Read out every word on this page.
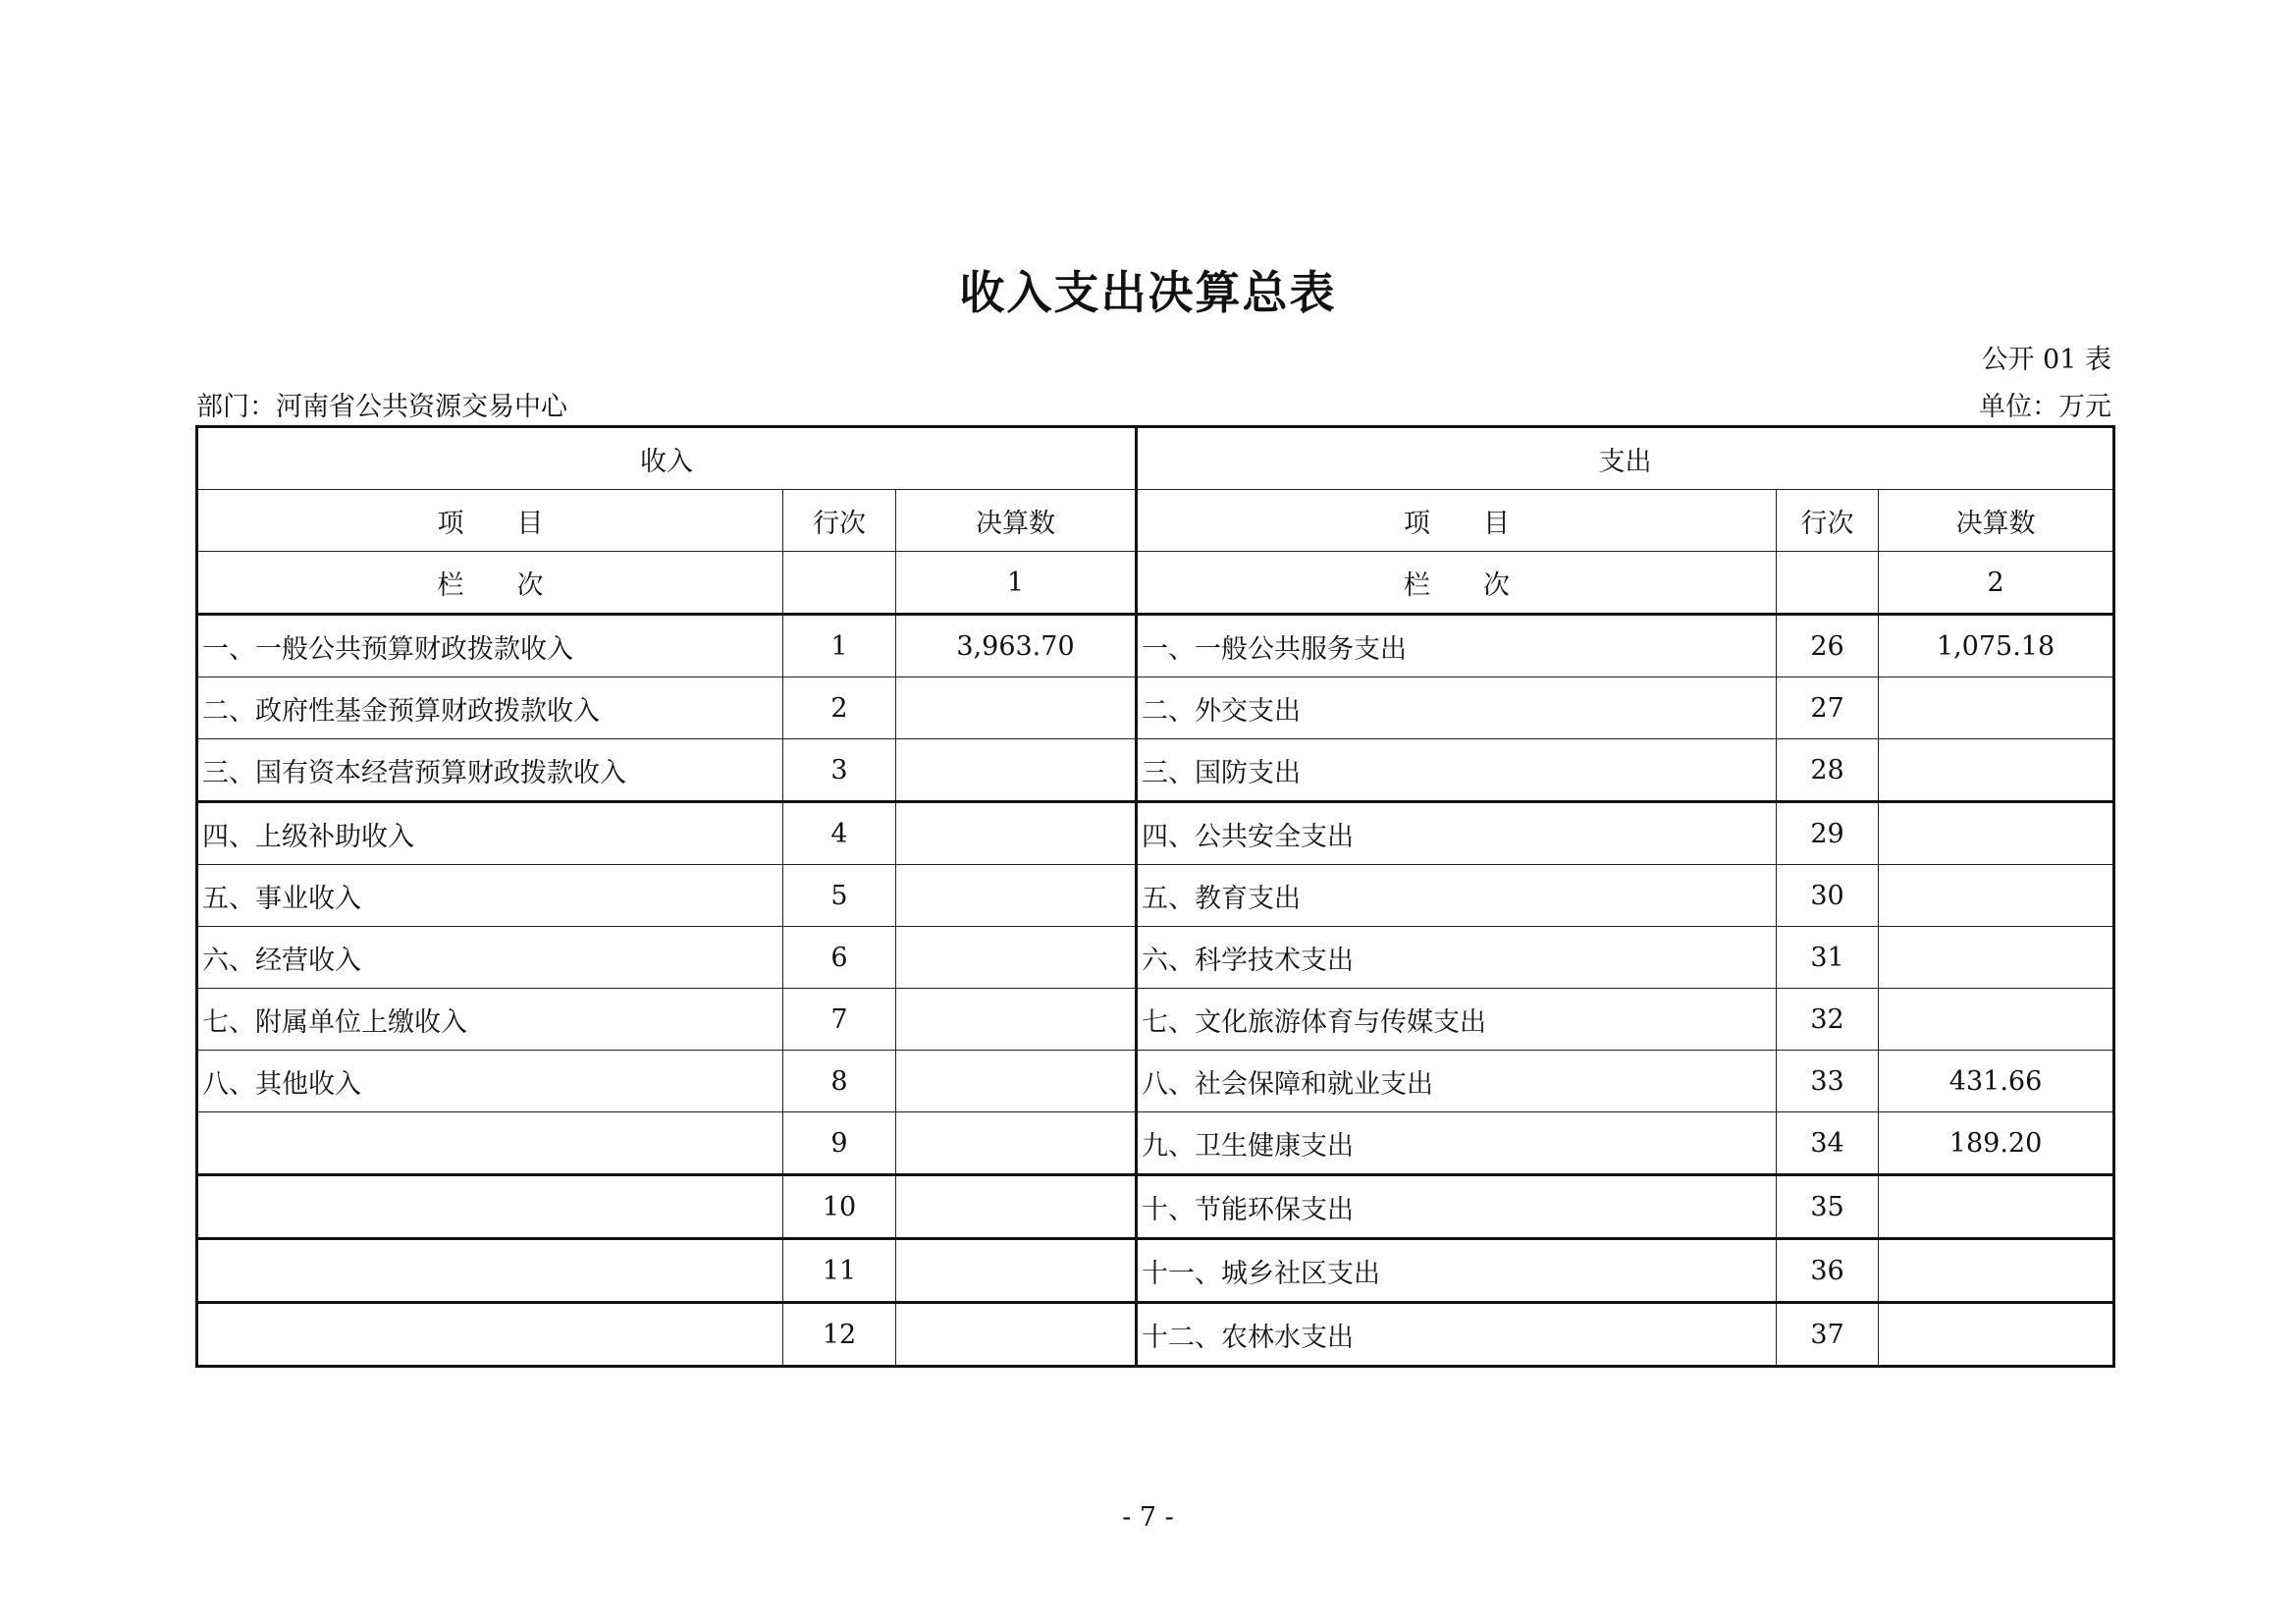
收入支出决算总表
公开 01 表
部门：河南省公共资源交易中心	单位：万元
收入			支出		
项　　目	行次	决算数	项　　目	行次	决算数
栏　　次		1	栏　　次		2
一、一般公共预算财政拨款收入	1	3,963.70	一、一般公共服务支出	26	1,075.18
二、政府性基金预算财政拨款收入	2		二、外交支出	27	
三、国有资本经营预算财政拨款收入	3		三、国防支出	28	
四、上级补助收入	4		四、公共安全支出	29	
五、事业收入	5		五、教育支出	30	
六、经营收入	6		六、科学技术支出	31	
七、附属单位上缴收入	7		七、文化旅游体育与传媒支出	32	
八、其他收入	8		八、社会保障和就业支出	33	431.66
	9		九、卫生健康支出	34	189.20
	10		十、节能环保支出	35	
	11		十一、城乡社区支出	36	
	12		十二、农林水支出	37	
- 7 -
